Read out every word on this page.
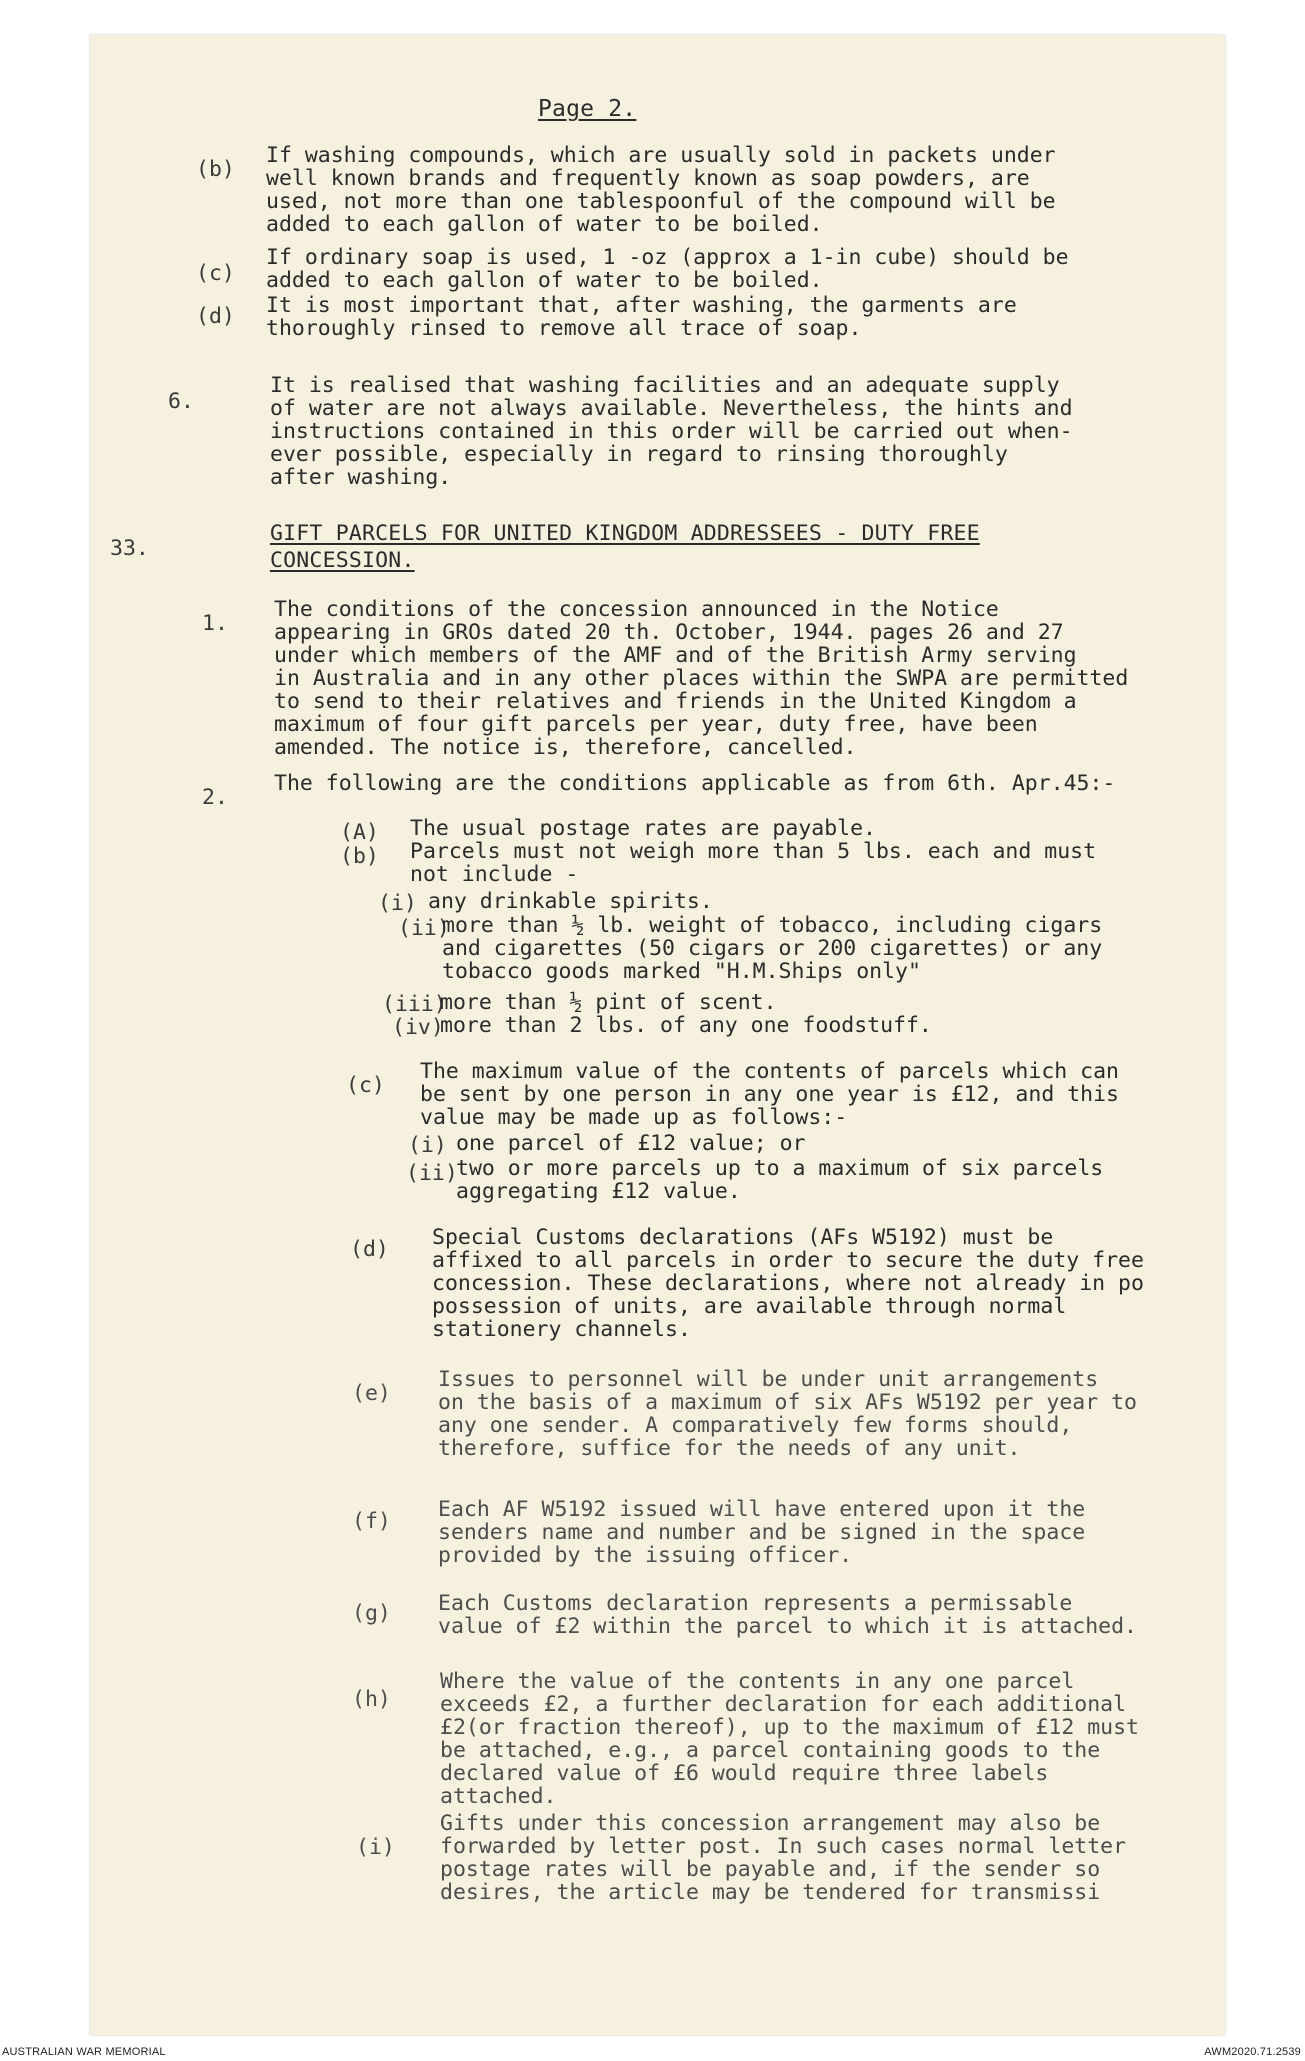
Page 2.

(b)

If washing compounds, which are usually sold in packets under
well known brands and frequently known as soap powders, are
used, not more than one tablespoonful of the compound will be
added to each gallon of water to be boiled.

(c)

If ordinary soap is used, 1 -oz (approx a 1-in cube) should be
added to each gallon of water to be boiled.

(d) It is most important that, after washing, the garments are
thoroughly rinsed to remove all trace of soap.

6.

It is realised that washing facilities and an adequate supply
of water are not always available. Nevertheless, the hints and
instructions contained in this order will be carried out when-
ever possible, especially in regard to rinsing thoroughly
after washing.

33.

GIFT PARCELS FOR UNITED KINGDOM ADDRESSEES - DUTY FREE

CONCESSION.

1.

The conditions of the concession announced in the Notice
appearing in GROs dated 20 th. October, 1944. pages 26 and 27
under which members of the AMF and of the British Army serving
in Australia and in any other places within the SWPA are permitted
to send to their relatives and friends in the United Kingdom a
maximum of four gift parcels per year, duty free, have been
amended. The notice is, therefore, cancelled.

2.

The following are the conditions applicable as from 6th. Apr.45:-

(A) The usual postage rates are payable.

(b) Parcels must not weigh more than 5 lbs. each and must
not include -

(i) any drinkable spirits.

(ii)

more than ½ lb. weight of tobacco, including cigars
and cigarettes (50 cigars or 200 cigarettes) or any
tobacco goods marked "H.M.Ships only"

(iii)

more than ½ pint of scent.

(iv)

more than 2 lbs. of any one foodstuff.

(c)

The maximum value of the contents of parcels which can
be sent by one person in any one year is £12, and this
value may be made up as follows:-

(i) one parcel of £12 value; or

(ii)

two or more parcels up to a maximum of six parcels
aggregating £12 value.

(d) Special Customs declarations (AFs W5192) must be
affixed to all parcels in order to secure the duty free
concession. These declarations, where not already in po
possession of units, are available through normal
stationery channels.

(e)

Issues to personnel will be under unit arrangements
on the basis of a maximum of six AFs W5192 per year to
any one sender. A comparatively few forms should,
therefore, suffice for the needs of any unit.

(f) Each AF W5192 issued will have entered upon it the
senders name and number and be signed in the space
provided by the issuing officer.

(g) Each Customs declaration represents a permissable
value of £2 within the parcel to which it is attached.

(h)

Where the value of the contents in any one parcel
exceeds £2, a further declaration for each additional
£2(or fraction thereof), up to the maximum of £12 must
be attached, e.g., a parcel containing goods to the
declared value of £6 would require three labels
attached.

(i)

Gifts under this concession arrangement may also be
forwarded by letter post. In such cases normal letter
postage rates will be payable and, if the sender so
desires, the article may be tendered for transmissi

AUSTRALIAN WAR MEMORIAL	AWM2020.71.2539
